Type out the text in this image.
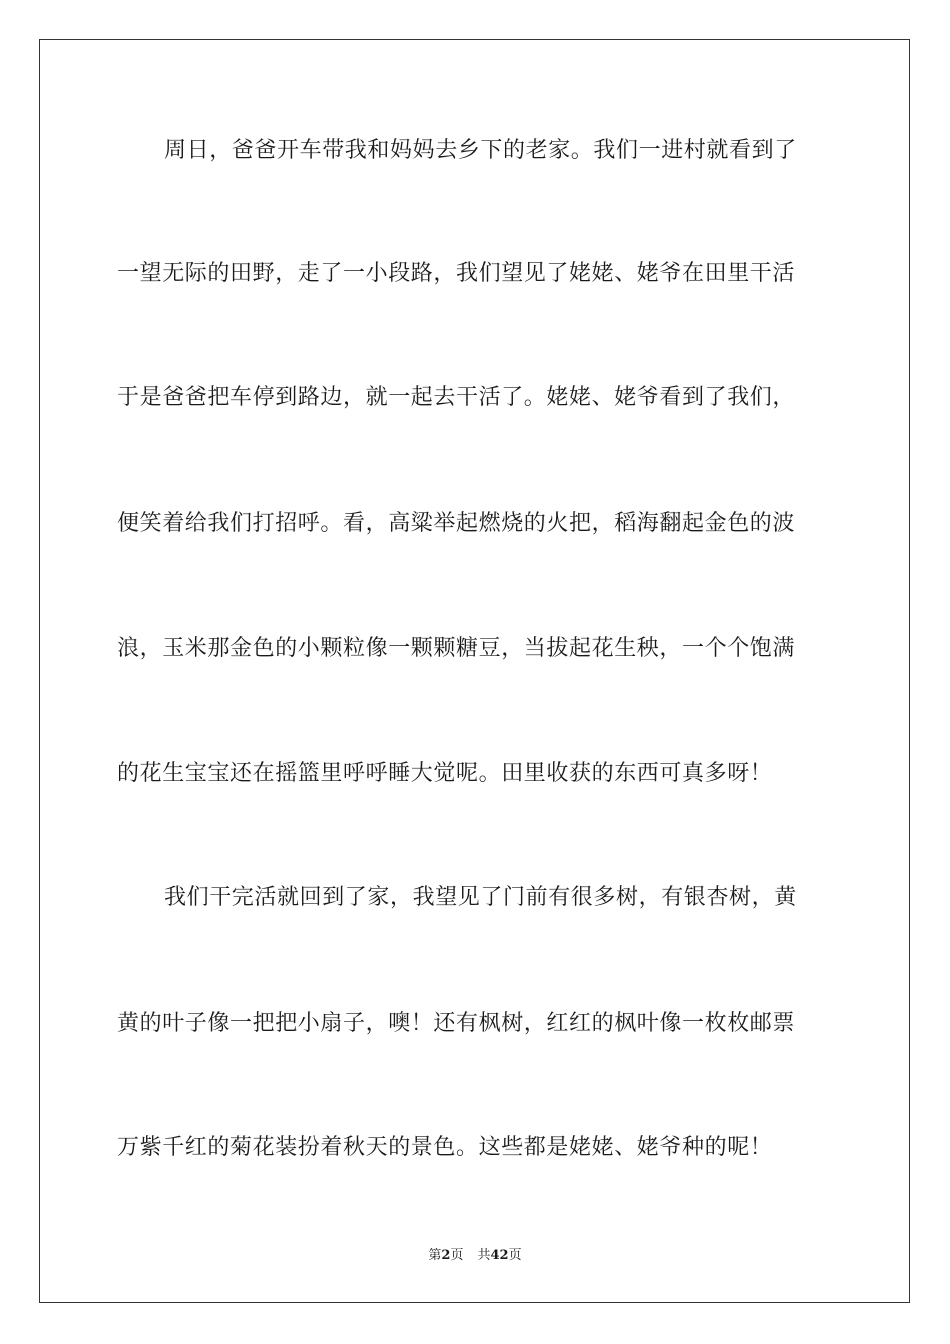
周日，爸爸开车带我和妈妈去乡下的老家。我们一进村就看到了
一望无际的田野，走了一小段路，我们望见了姥姥、姥爷在田里干活
于是爸爸把车停到路边，就一起去干活了。姥姥、姥爷看到了我们，
便笑着给我们打招呼。看，高粱举起燃烧的火把，稻海翻起金色的波
浪，玉米那金色的小颗粒像一颗颗糖豆，当拔起花生秧，一个个饱满
的花生宝宝还在摇篮里呼呼睡大觉呢。田里收获的东西可真多呀！
我们干完活就回到了家，我望见了门前有很多树，有银杏树，黄
黄的叶子像一把把小扇子，噢！还有枫树，红红的枫叶像一枚枚邮票
万紫千红的菊花装扮着秋天的景色。这些都是姥姥、姥爷种的呢！
第2页 共42页
